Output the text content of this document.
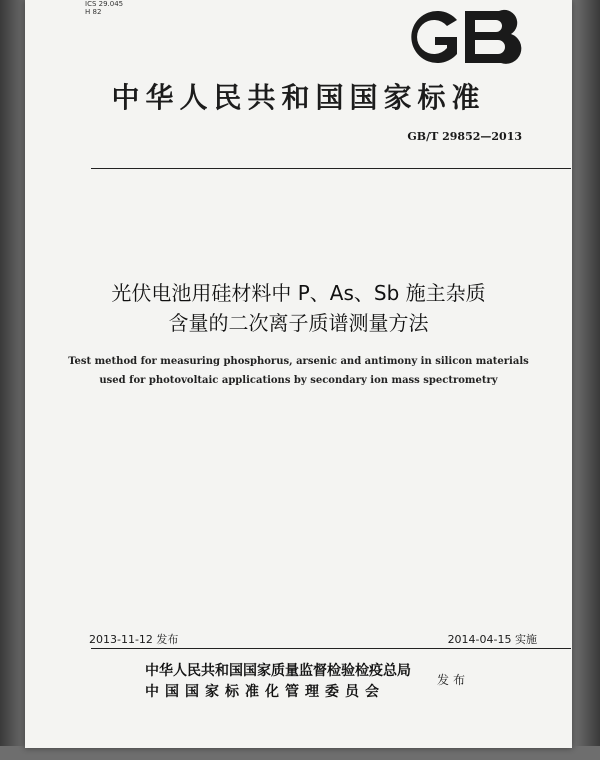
ICS 29.045
H 82
中华人民共和国国家标准
GB/T 29852—2013
光伏电池用硅材料中 P、As、Sb 施主杂质
含量的二次离子质谱测量方法
Test method for measuring phosphorus, arsenic and antimony in silicon materials
used for photovoltaic applications by secondary ion mass spectrometry
2013-11-12 发布	2014-04-15 实施
中华人民共和国国家质量监督检验检疫总局
中国国家标准化管理委员会
发布
